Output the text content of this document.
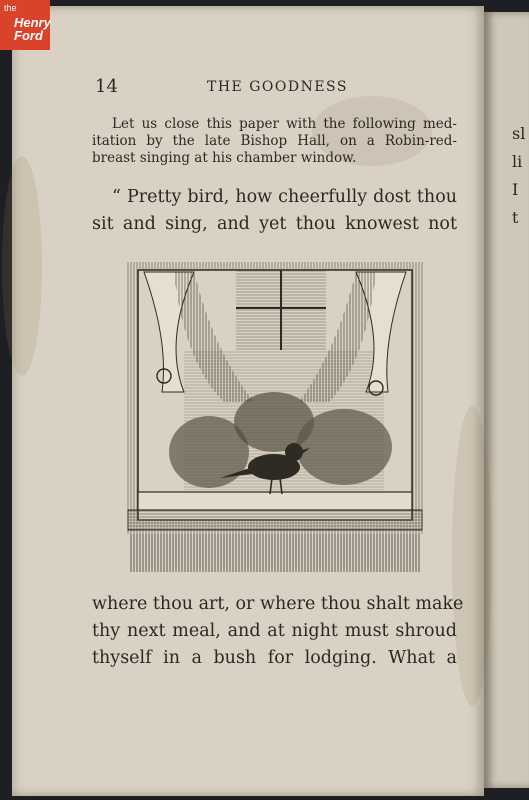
the
Henry
Ford
sl
li
I
t
14	THE GOODNESS
Let us close this paper with the following med-
itation by the late Bishop Hall, on a Robin-red-
breast singing at his chamber window.
“ Pretty bird, how cheerfully dost thou
sit and sing, and yet thou knowest not
where thou art, or where thou shalt make
thy next meal, and at night must shroud
thyself in a bush for lodging. What a
